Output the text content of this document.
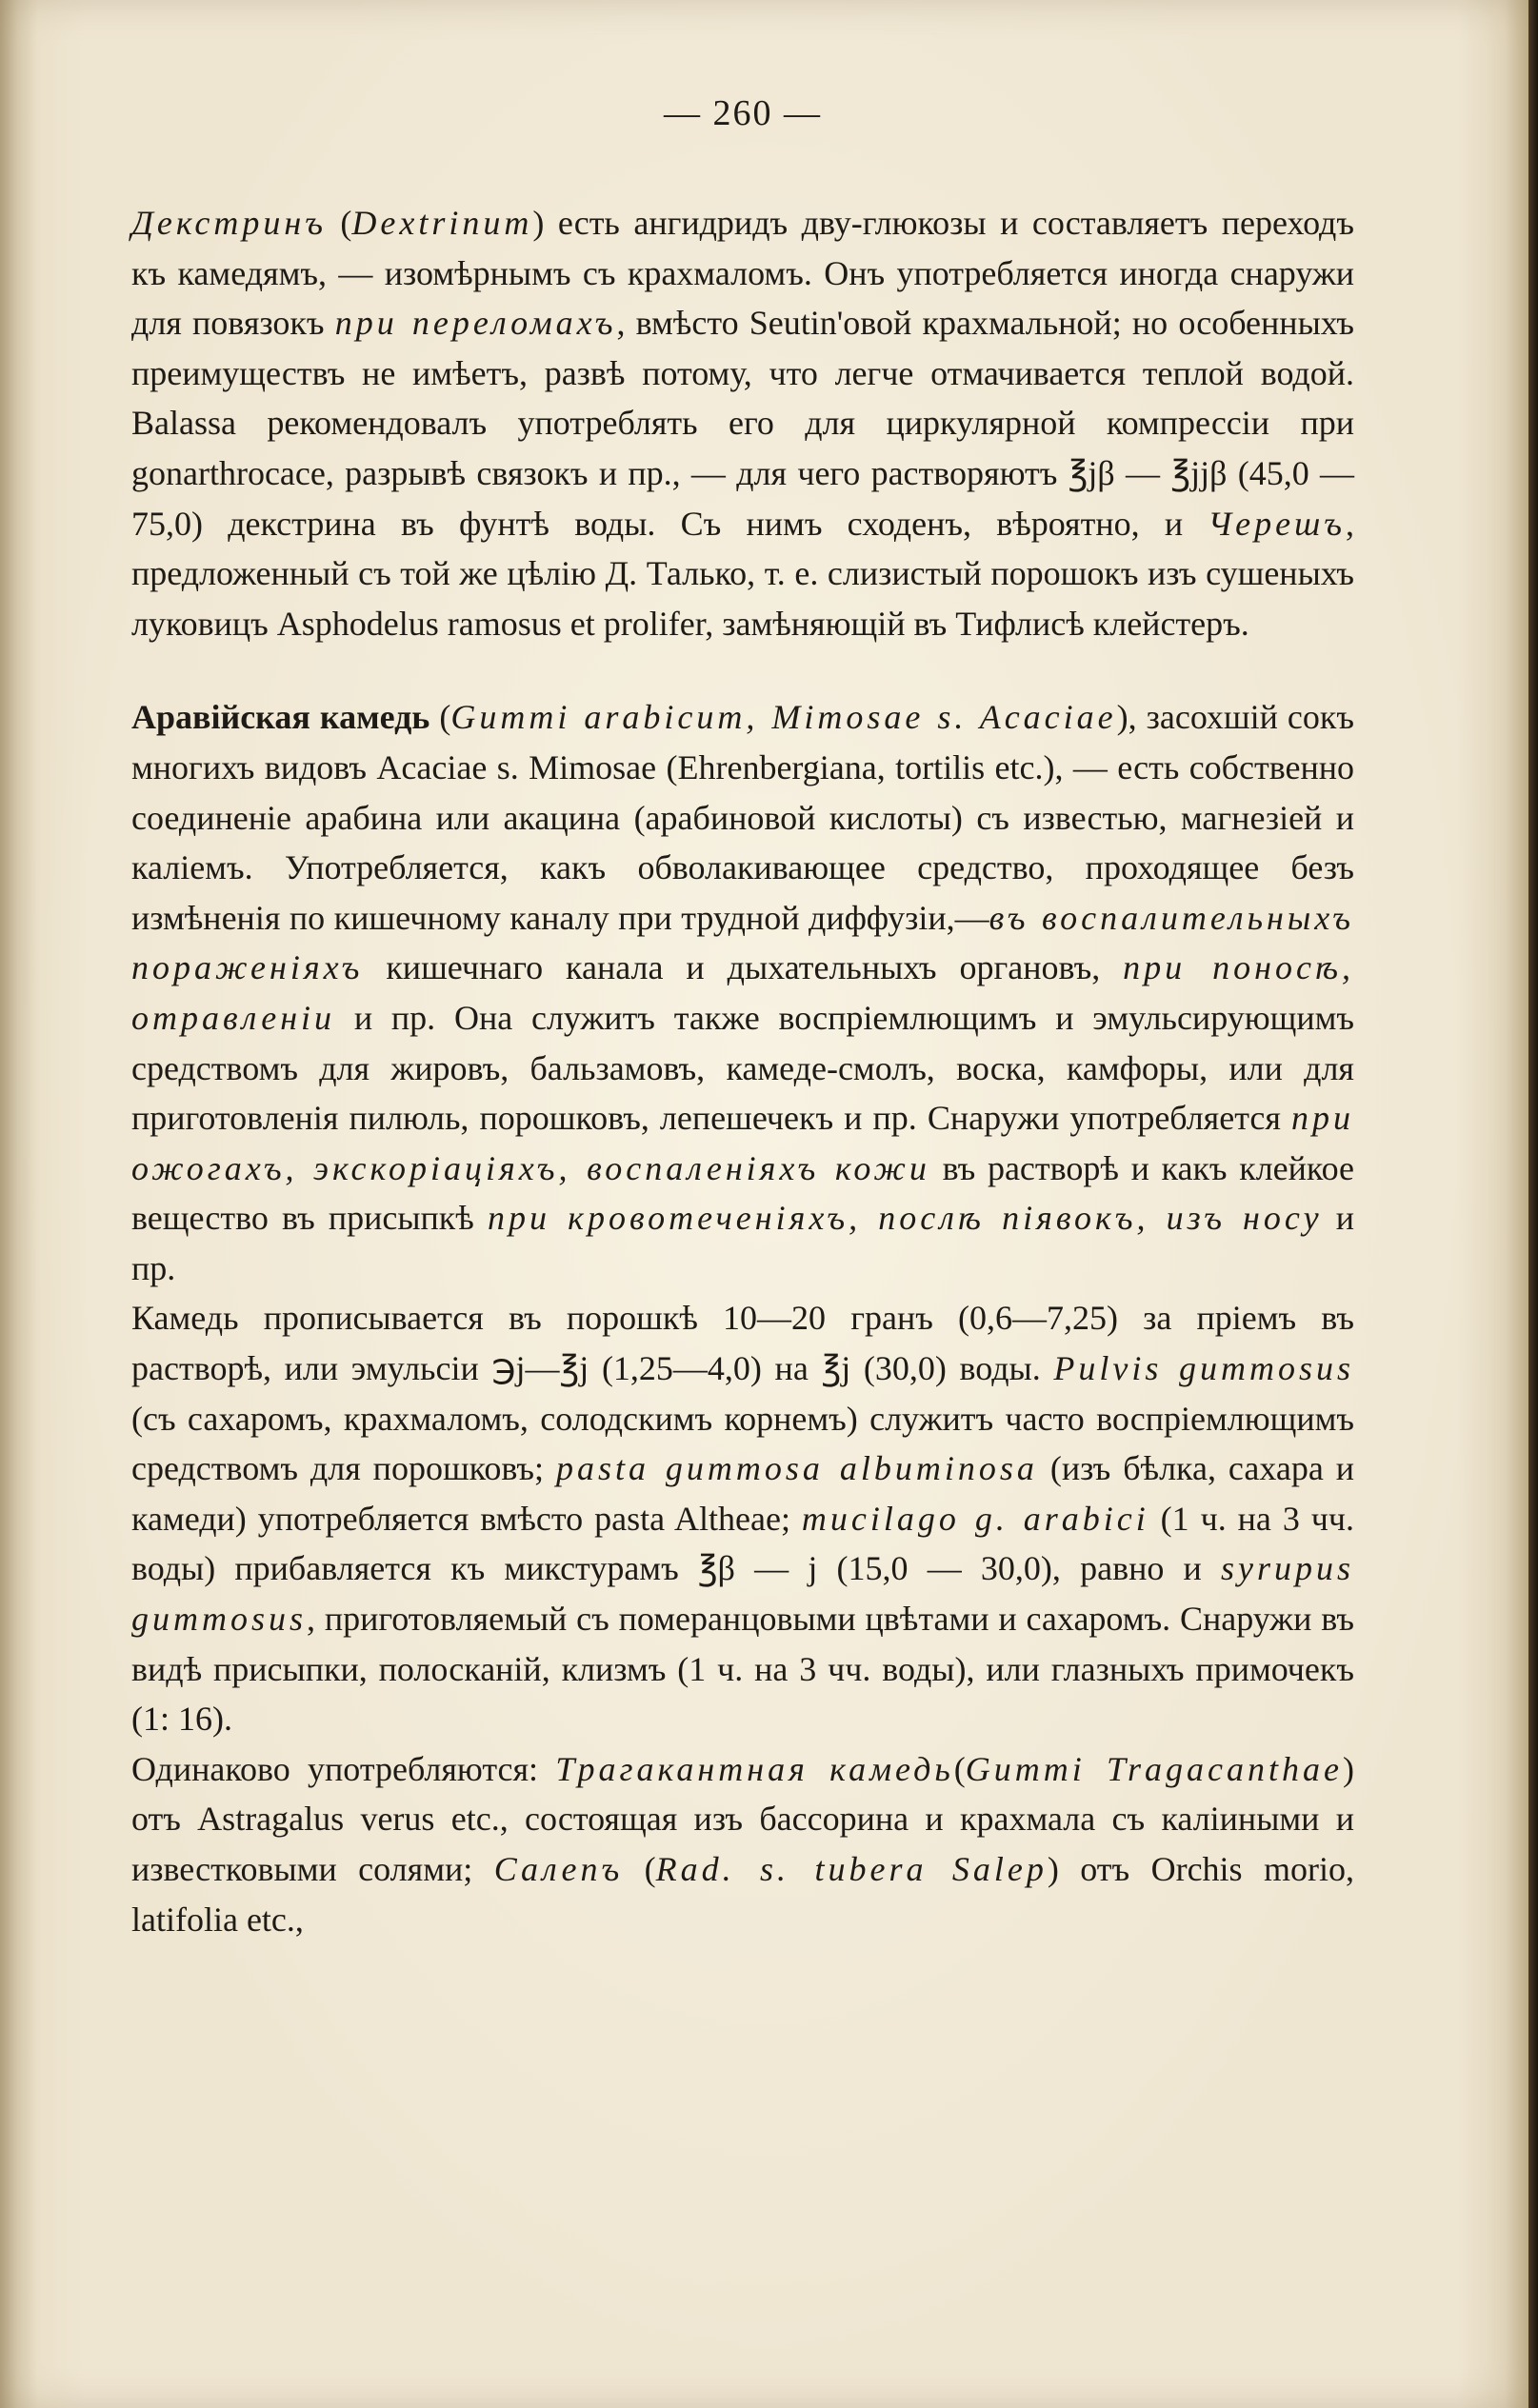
— 260 —

Декстринъ (Dextrinum) есть ангидридъ дву-глюкозы и составляетъ переходъ къ камедямъ, — изомѣрнымъ съ крахмаломъ. Онъ употребляется иногда снаружи для повязокъ при переломахъ, вмѣсто Seutin'овой крахмальной; но особенныхъ преимуществъ не имѣетъ, развѣ потому, что легче отмачивается теплой водой. Balassa рекомендовалъ употреблять его для циркулярной компрессіи при gonarthrocace, разрывѣ связокъ и пр., — для чего растворяютъ ℥jβ — ℥jjβ (45,0 — 75,0) декстрина въ фунтѣ воды. Съ нимъ сходенъ, вѣроятно, и Черешъ, предложенный съ той же цѣлію Д. Талько, т. е. слизистый порошокъ изъ сушеныхъ луковицъ Asphodelus ramosus et prolifer, замѣняющій въ Тифлисѣ клейстеръ.

Аравійская камедь (Gummi arabicum, Mimosae s. Acaciae), засохшій сокъ многихъ видовъ Acaciae s. Mimosae (Ehrenbergiana, tortilis etc.), — есть собственно соединеніе арабина или акацина (арабиновой кислоты) съ известью, магнезіей и каліемъ. Употребляется, какъ обволакивающее средство, проходящее безъ измѣненія по кишечному каналу при трудной диффузіи,—въ воспалительныхъ пораженіяхъ кишечнаго канала и дыхательныхъ органовъ, при поносѣ, отравленіи и пр. Она служитъ также воспріемлющимъ и эмульсирующимъ средствомъ для жировъ, бальзамовъ, камеде-смолъ, воска, камфоры, или для приготовленія пилюль, порошковъ, лепешечекъ и пр. Снаружи употребляется при ожогахъ, экскоріаціяхъ, воспаленіяхъ кожи въ растворѣ и какъ клейкое вещество въ присыпкѣ при кровотеченіяхъ, послѣ піявокъ, изъ носу и пр.

Камедь прописывается въ порошкѣ 10—20 гранъ (0,6—7,25) за пріемъ въ растворѣ, или эмульсіи ℈j—℥j (1,25—4,0) на ℥j (30,0) воды. Pulvis gummosus (съ сахаромъ, крахмаломъ, солодскимъ корнемъ) служитъ часто воспріемлющимъ средствомъ для порошковъ; pasta gummosa albuminosa (изъ бѣлка, сахара и камеди) употребляется вмѣсто pasta Altheae; mucilago g. arabici (1 ч. на 3 чч. воды) прибавляется къ микстурамъ ℥β — j (15,0 — 30,0), равно и syrupus gummosus, приготовляемый съ померанцовыми цвѣтами и сахаромъ. Снаружи въ видѣ присыпки, полосканій, клизмъ (1 ч. на 3 чч. воды), или глазныхъ примочекъ (1: 16).

Одинаково употребляются: Трагакантная камедь(Gummi Tragacanthae) отъ Astragalus verus etc., состоящая изъ бассорина и крахмала съ каліиными и известковыми солями; Салепъ (Rad. s. tubera Salep) отъ Orchis morio, latifolia etc.,
